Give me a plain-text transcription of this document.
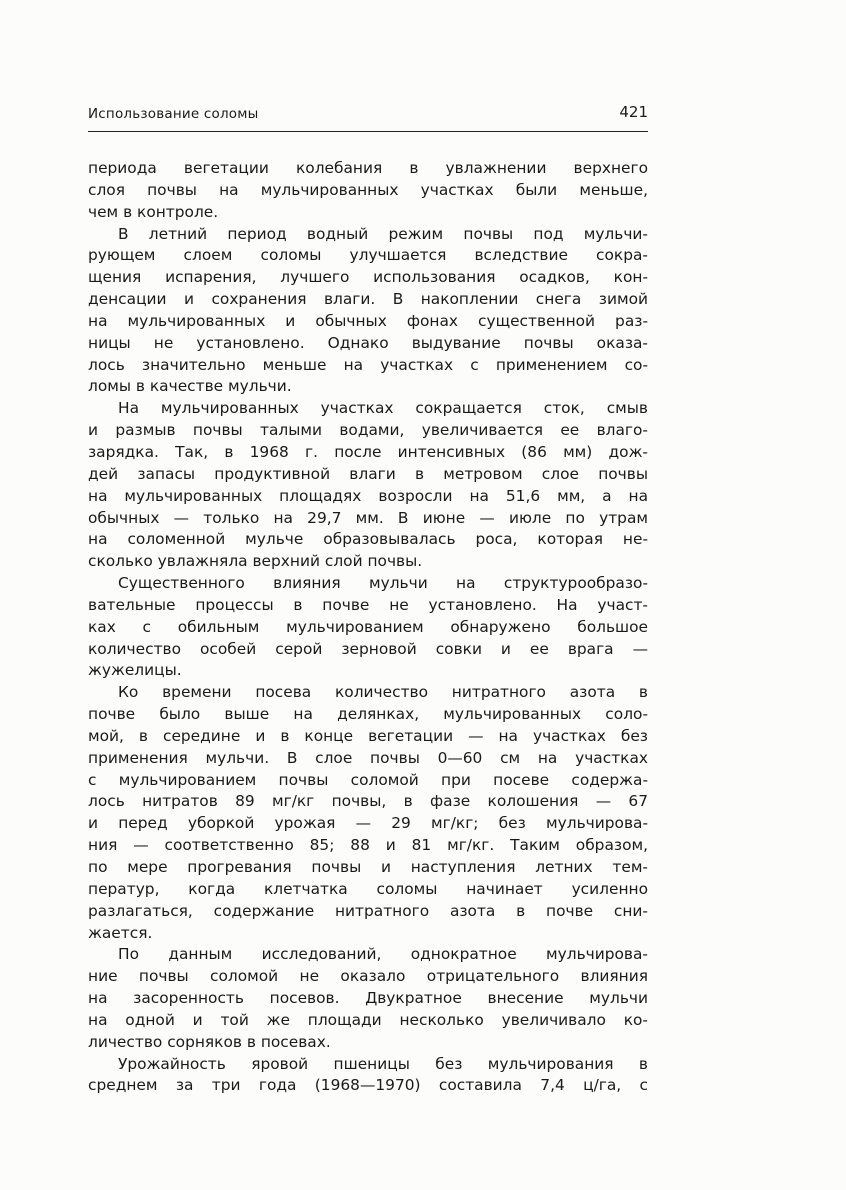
Использование соломы	421
периода вегетации колебания в увлажнении верхнего
слоя почвы на мульчированных участках были меньше,
чем в контроле.
В летний период водный режим почвы под мульчи-
рующем слоем соломы улучшается вследствие сокра-
щения испарения, лучшего использования осадков, кон-
денсации и сохранения влаги. В накоплении снега зимой
на мульчированных и обычных фонах существенной раз-
ницы не установлено. Однако выдувание почвы оказа-
лось значительно меньше на участках с применением со-
ломы в качестве мульчи.
На мульчированных участках сокращается сток, смыв
и размыв почвы талыми водами, увеличивается ее влаго-
зарядка. Так, в 1968 г. после интенсивных (86 мм) дож-
дей запасы продуктивной влаги в метровом слое почвы
на мульчированных площадях возросли на 51,6 мм, а на
обычных — только на 29,7 мм. В июне — июле по утрам
на соломенной мульче образовывалась роса, которая не-
сколько увлажняла верхний слой почвы.
Существенного влияния мульчи на структурообразо-
вательные процессы в почве не установлено. На участ-
ках с обильным мульчированием обнаружено большое
количество особей серой зерновой совки и ее врага —
жужелицы.
Ко времени посева количество нитратного азота в
почве было выше на делянках, мульчированных соло-
мой, в середине и в конце вегетации — на участках без
применения мульчи. В слое почвы 0—60 см на участках
с мульчированием почвы соломой при посеве содержа-
лось нитратов 89 мг/кг почвы, в фазе колошения — 67
и перед уборкой урожая — 29 мг/кг; без мульчирова-
ния — соответственно 85; 88 и 81 мг/кг. Таким образом,
по мере прогревания почвы и наступления летних тем-
ператур, когда клетчатка соломы начинает усиленно
разлагаться, содержание нитратного азота в почве сни-
жается.
По данным исследований, однократное мульчирова-
ние почвы соломой не оказало отрицательного влияния
на засоренность посевов. Двукратное внесение мульчи
на одной и той же площади несколько увеличивало ко-
личество сорняков в посевах.
Урожайность яровой пшеницы без мульчирования в
среднем за три года (1968—1970) составила 7,4 ц/га, с
